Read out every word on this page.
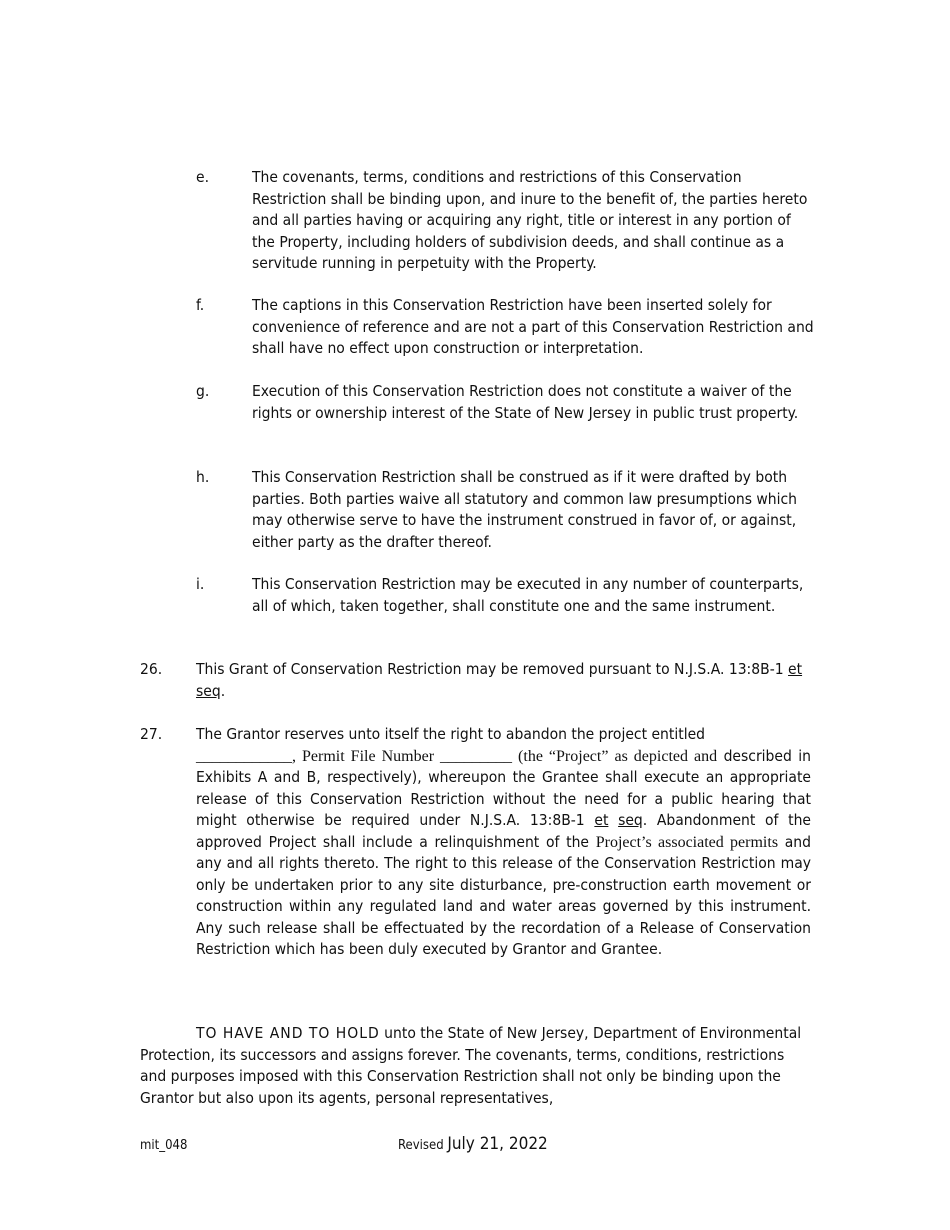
e.	The covenants, terms, conditions and restrictions of this Conservation Restriction shall be binding upon, and inure to the benefit of, the parties hereto and all parties having or acquiring any right, title or interest in any portion of the Property, including holders of subdivision deeds, and shall continue as a servitude running in perpetuity with the Property.
f.	The captions in this Conservation Restriction have been inserted solely for convenience of reference and are not a part of this Conservation Restriction and shall have no effect upon construction or interpretation.
g.	Execution of this Conservation Restriction does not constitute a waiver of the rights or ownership interest of the State of New Jersey in public trust property.
h.	This Conservation Restriction shall be construed as if it were drafted by both parties. Both parties waive all statutory and common law presumptions which may otherwise serve to have the instrument construed in favor of, or against, either party as the drafter thereof.
i.	This Conservation Restriction may be executed in any number of counterparts, all of which, taken together, shall constitute one and the same instrument.
26. This Grant of Conservation Restriction may be removed pursuant to N.J.S.A. 13:8B-1 et seq.
27. The Grantor reserves unto itself the right to abandon the project entitled
____________, Permit File Number _________ (the “Project” as depicted and described in Exhibits A and B, respectively), whereupon the Grantee shall execute an appropriate release of this Conservation Restriction without the need for a public hearing that might otherwise be required under N.J.S.A. 13:8B-1 et seq. Abandonment of the approved Project shall include a relinquishment of the Project’s associated permits and any and all rights thereto. The right to this release of the Conservation Restriction may only be undertaken prior to any site disturbance, pre-construction earth movement or construction within any regulated land and water areas governed by this instrument. Any such release shall be effectuated by the recordation of a Release of Conservation Restriction which has been duly executed by Grantor and Grantee.
TO HAVE AND TO HOLD unto the State of New Jersey, Department of Environmental Protection, its successors and assigns forever. The covenants, terms, conditions, restrictions and purposes imposed with this Conservation Restriction shall not only be binding upon the Grantor but also upon its agents, personal representatives,
mit_048	Revised July 21, 2022
